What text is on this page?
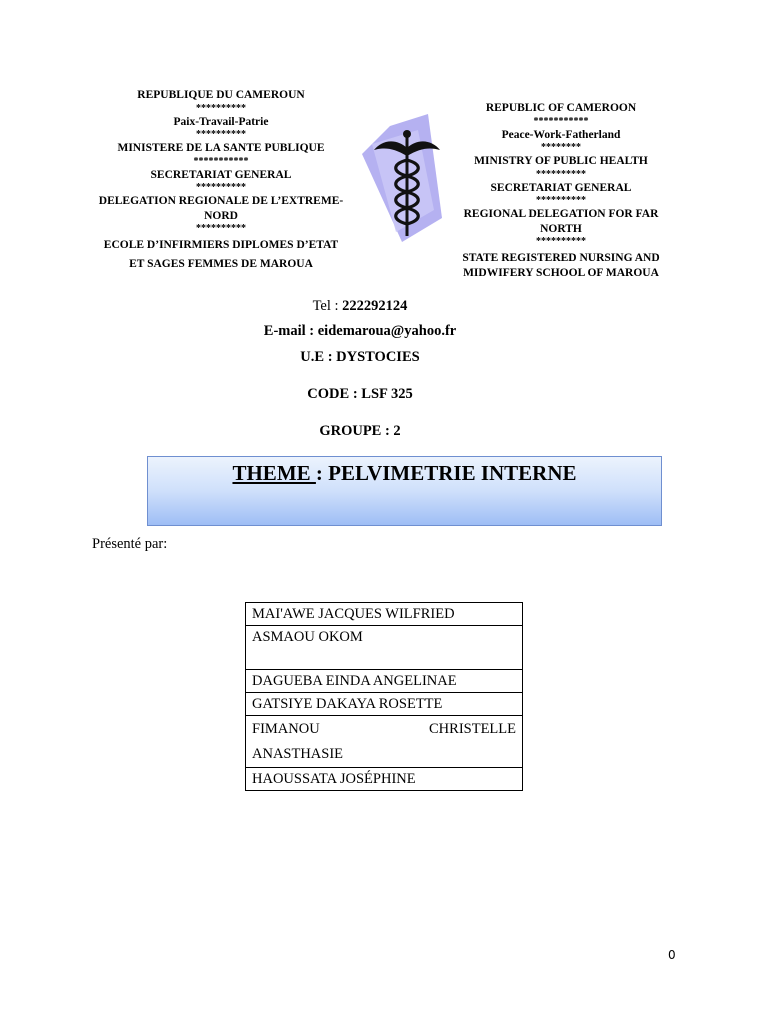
REPUBLIQUE DU CAMEROUN
**********
Paix-Travail-Patrie
**********
MINISTERE DE LA SANTE PUBLIQUE
***********
SECRETARIAT GENERAL
**********
DELEGATION REGIONALE DE L’EXTREME-NORD
**********
ECOLE D’INFIRMIERS DIPLOMES D’ETAT
ET SAGES FEMMES DE MAROUA
REPUBLIC OF CAMEROON
***********
Peace-Work-Fatherland
********
MINISTRY OF PUBLIC HEALTH
**********
SECRETARIAT GENERAL
**********
REGIONAL DELEGATION FOR FAR NORTH
**********
STATE REGISTERED NURSING AND MIDWIFERY SCHOOL OF MAROUA
Tel : 222292124
E-mail : eidemaroua@yahoo.fr
U.E : DYSTOCIES
CODE : LSF 325
GROUPE : 2
THEME : PELVIMETRIE INTERNE
Présenté par:
MAI'AWE JACQUES WILFRIED
ASMAOU OKOM
DAGUEBA EINDA ANGELINAE
GATSIYE DAKAYA ROSETTE

FIMANOU	CHRISTELLE
ANASTHASIE

HAOUSSATA JOSÉPHINE
0
